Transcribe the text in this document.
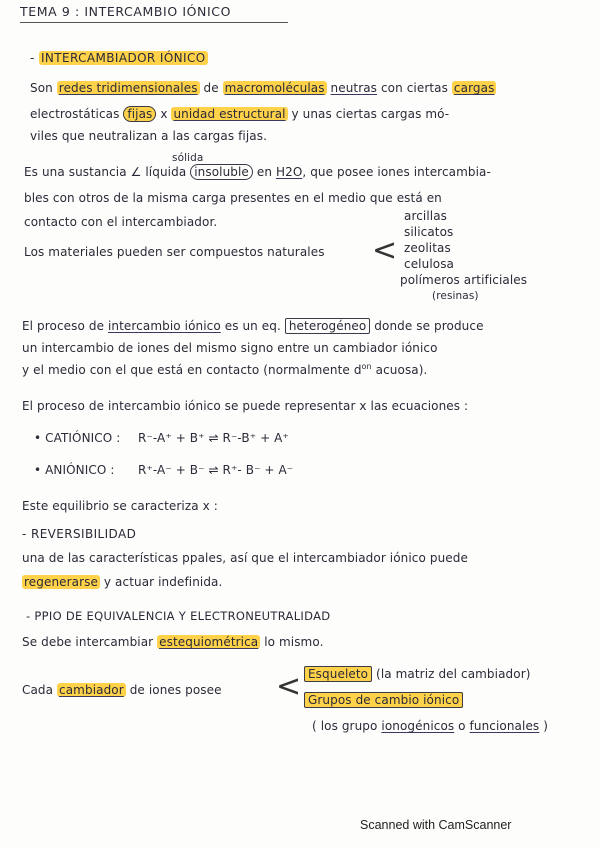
TEMA 9 : INTERCAMBIO IÓNICO
- INTERCAMBIADOR IÓNICO
Son redes tridimensionales de macromoléculas neutras con ciertas cargas
electrostáticas fijas x unidad estructural y unas ciertas cargas mó-
viles que neutralizan a las cargas fijas.
sólida
Es una sustancia ∠ líquida insoluble en H2O, que posee iones intercambia-
bles con otros de la misma carga presentes en el medio que está en
contacto con el intercambiador.
Los materiales pueden ser compuestos naturales <
arcillas
silicatos
zeolitas
celulosa
polímeros artificiales
(resinas)
El proceso de intercambio iónico es un eq. heterogéneo donde se produce
un intercambio de iones del mismo signo entre un cambiador iónico
y el medio con el que está en contacto (normalmente $d^{on}$ acuosa).
El proceso de intercambio iónico se puede representar x las ecuaciones :
• CATIÓNICO : R⁻-A⁺ + B⁺ ⇌ R⁻-B⁺ + A⁺
• ANIÓNICO : R⁺-A⁻ + B⁻ ⇌ R⁺- B⁻ + A⁻
Este equilibrio se caracteriza x :
- REVERSIBILIDAD
una de las características ppales, así que el intercambiador iónico puede
regenerarse y actuar indefinida.
- PPIO DE EQUIVALENCIA Y ELECTRONEUTRALIDAD
Se debe intercambiar estequiométrica lo mismo.
Cada cambiador de iones posee < Esqueleto (la matriz del cambiador)
Grupos de cambio iónico
( los grupo ionogénicos o funcionales )
Scanned with CamScanner
